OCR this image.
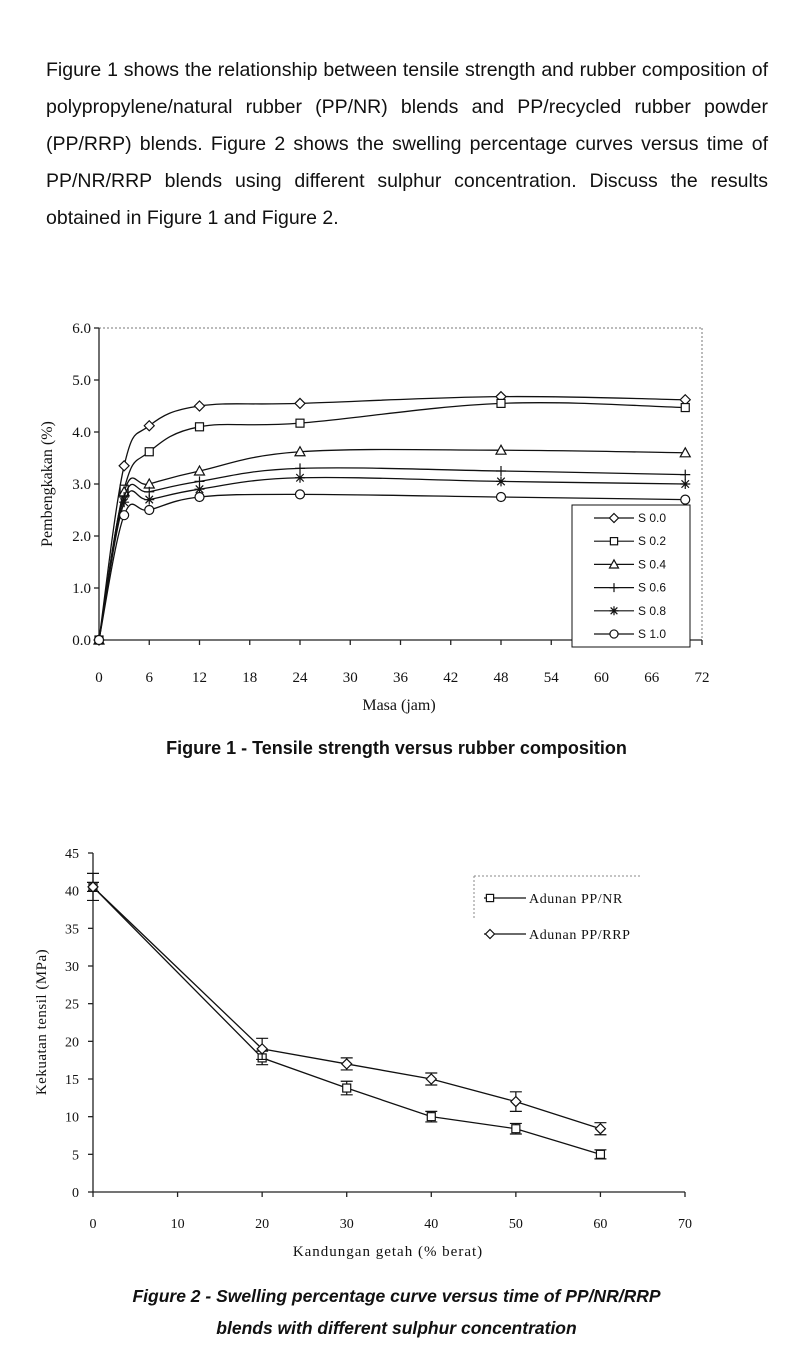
Figure 1 shows the relationship between tensile strength and rubber composition of polypropylene/natural rubber (PP/NR) blends and PP/recycled rubber powder (PP/RRP) blends. Figure 2 shows the swelling percentage curves versus time of PP/NR/RRP blends using different sulphur concentration. Discuss the results obtained in Figure 1 and Figure 2.
0.0
1.0
2.0
3.0
4.0
5.0
6.0
0	6	12 18 24 30 36 42 48 54 60 66 72
S 0.0
S 0.2
S 0.4
S 0.6
S 0.8
S 1.0
Masa (jam)
Pembengkakan (%)
Figure 1 - Tensile strength versus rubber composition
0
5
10
15
20
25
30
35
40
45
0	10	20	30	40	50	60	70
Adunan PP/NR
Adunan PP/RRP
Kandungan getah (% berat)
Kekuatan tensil (MPa)
Figure 2 - Swelling percentage curve versus time of PP/NR/RRP
blends with different sulphur concentration
